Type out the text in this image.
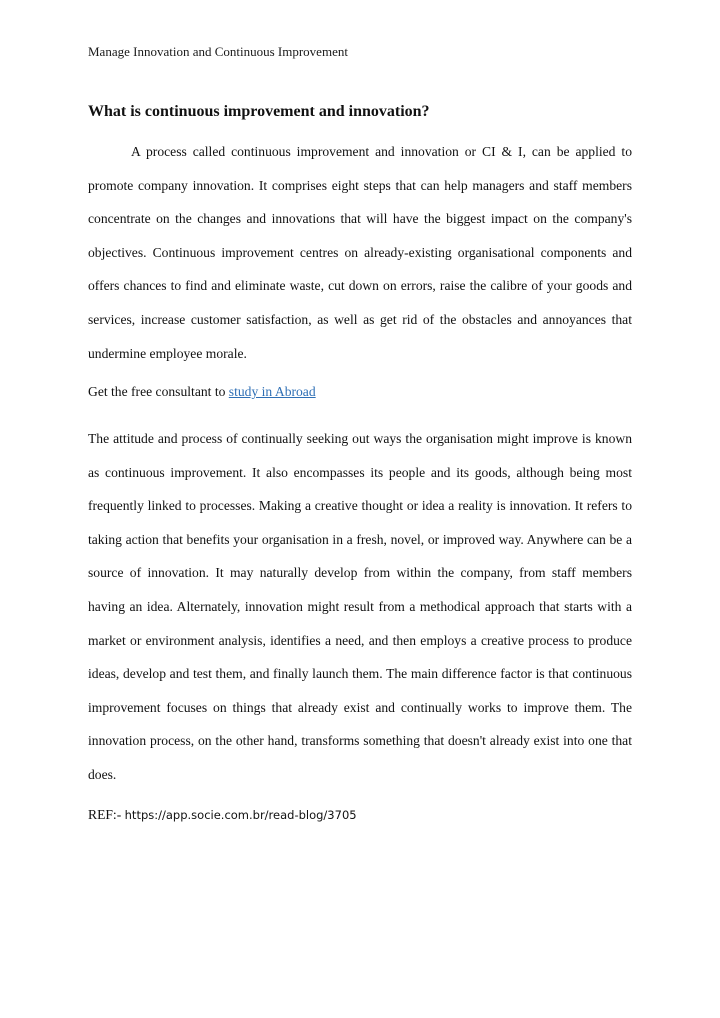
Manage Innovation and Continuous Improvement
What is continuous improvement and innovation?

A process called continuous improvement and innovation or CI & I, can be applied to promote company innovation. It comprises eight steps that can help managers and staff members concentrate on the changes and innovations that will have the biggest impact on the company's objectives. Continuous improvement centres on already-existing organisational components and offers chances to find and eliminate waste, cut down on errors, raise the calibre of your goods and services, increase customer satisfaction, as well as get rid of the obstacles and annoyances that undermine employee morale.

Get the free consultant to study in Abroad

The attitude and process of continually seeking out ways the organisation might improve is known as continuous improvement. It also encompasses its people and its goods, although being most frequently linked to processes. Making a creative thought or idea a reality is innovation. It refers to taking action that benefits your organisation in a fresh, novel, or improved way. Anywhere can be a source of innovation. It may naturally develop from within the company, from staff members having an idea. Alternately, innovation might result from a methodical approach that starts with a market or environment analysis, identifies a need, and then employs a creative process to produce ideas, develop and test them, and finally launch them. The main difference factor is that continuous improvement focuses on things that already exist and continually works to improve them. The innovation process, on the other hand, transforms something that doesn't already exist into one that does.

REF:- https://app.socie.com.br/read-blog/3705
